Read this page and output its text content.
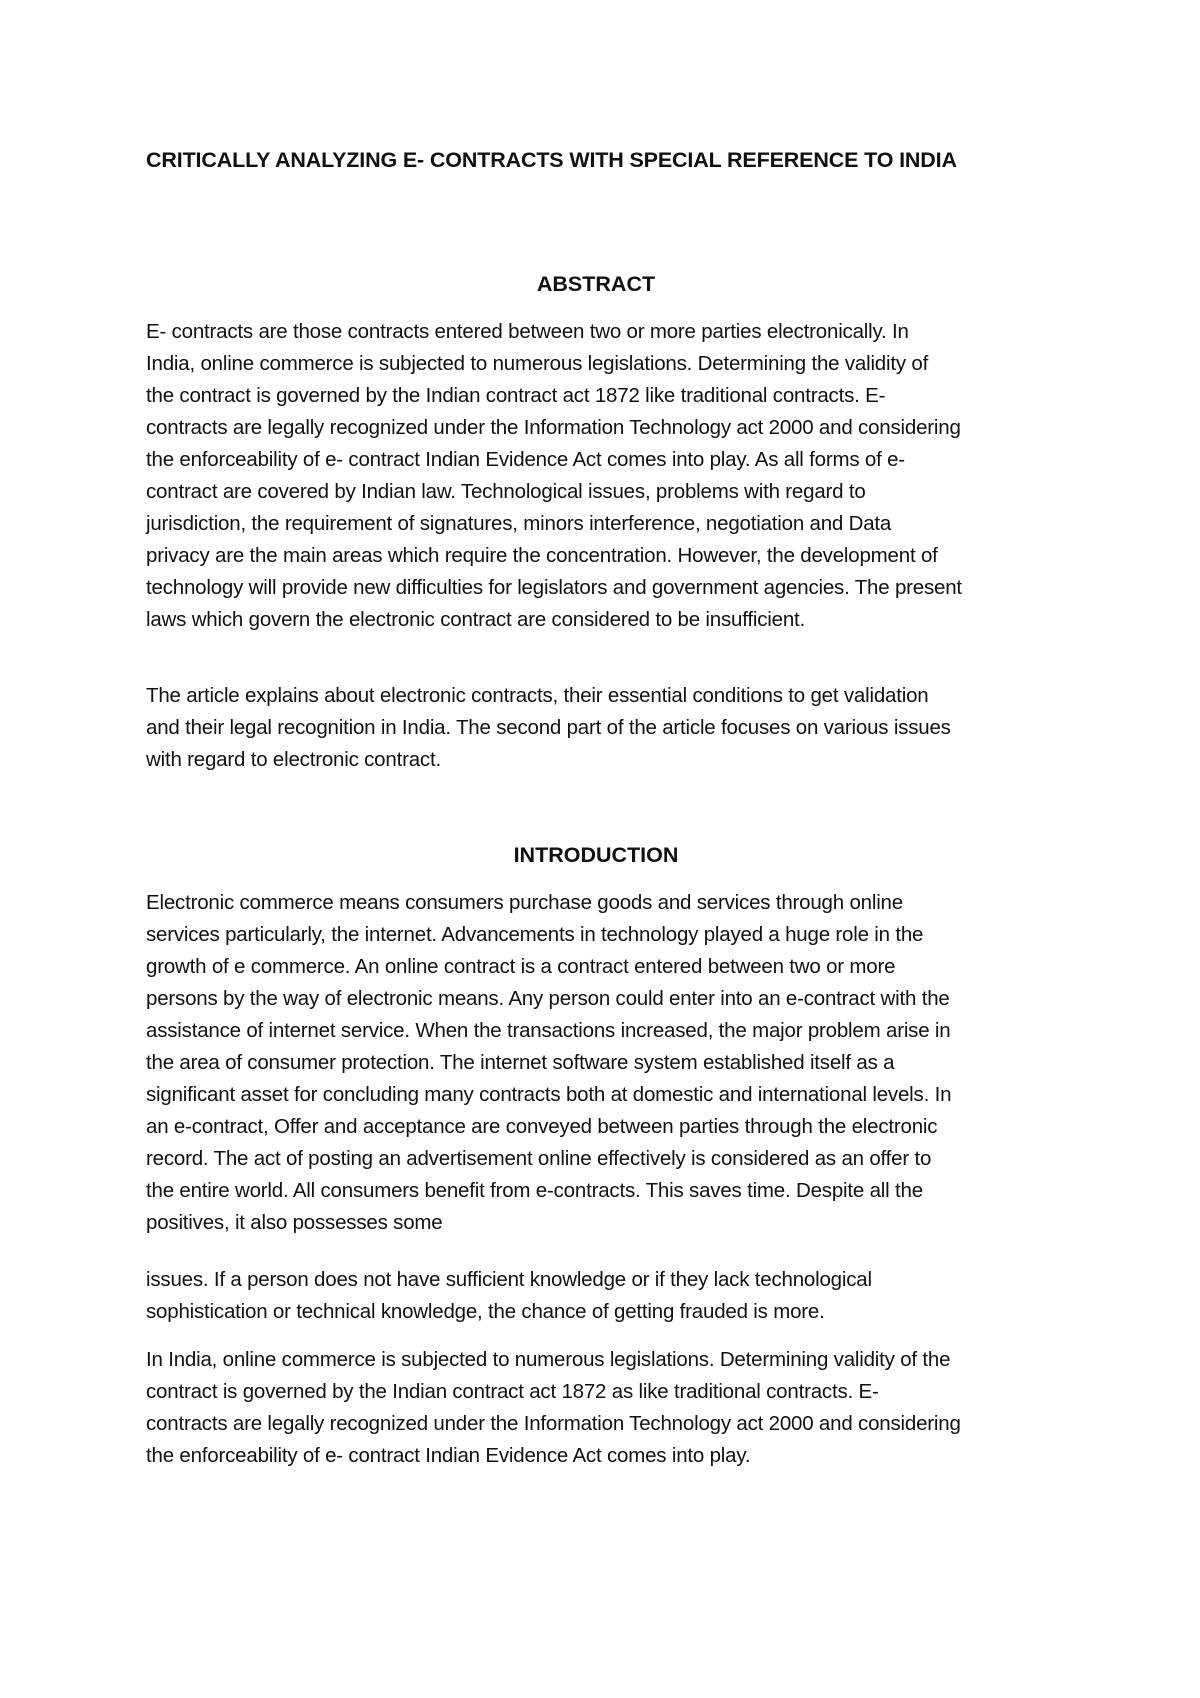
CRITICALLY ANALYZING E- CONTRACTS WITH SPECIAL REFERENCE TO INDIA
ABSTRACT
E- contracts are those contracts entered between two or more parties electronically. In
India, online commerce is subjected to numerous legislations. Determining the validity of
the contract is governed by the Indian contract act 1872 like traditional contracts. E-
contracts are legally recognized under the Information Technology act 2000 and considering
the enforceability of e- contract Indian Evidence Act comes into play. As all forms of e-
contract are covered by Indian law. Technological issues, problems with regard to
jurisdiction, the requirement of signatures, minors interference, negotiation and Data
privacy are the main areas which require the concentration. However, the development of
technology will provide new difficulties for legislators and government agencies. The present
laws which govern the electronic contract are considered to be insufficient.
The article explains about electronic contracts, their essential conditions to get validation
and their legal recognition in India. The second part of the article focuses on various issues
with regard to electronic contract.
INTRODUCTION
Electronic commerce means consumers purchase goods and services through online
services particularly, the internet. Advancements in technology played a huge role in the
growth of e commerce. An online contract is a contract entered between two or more
persons by the way of electronic means. Any person could enter into an e-contract with the
assistance of internet service. When the transactions increased, the major problem arise in
the area of consumer protection. The internet software system established itself as a
significant asset for concluding many contracts both at domestic and international levels. In
an e-contract, Offer and acceptance are conveyed between parties through the electronic
record. The act of posting an advertisement online effectively is considered as an offer to
the entire world. All consumers benefit from e-contracts. This saves time. Despite all the
positives, it also possesses some
issues. If a person does not have sufficient knowledge or if they lack technological
sophistication or technical knowledge, the chance of getting frauded is more.
In India, online commerce is subjected to numerous legislations. Determining validity of the
contract is governed by the Indian contract act 1872 as like traditional contracts. E-
contracts are legally recognized under the Information Technology act 2000 and considering
the enforceability of e- contract Indian Evidence Act comes into play.
